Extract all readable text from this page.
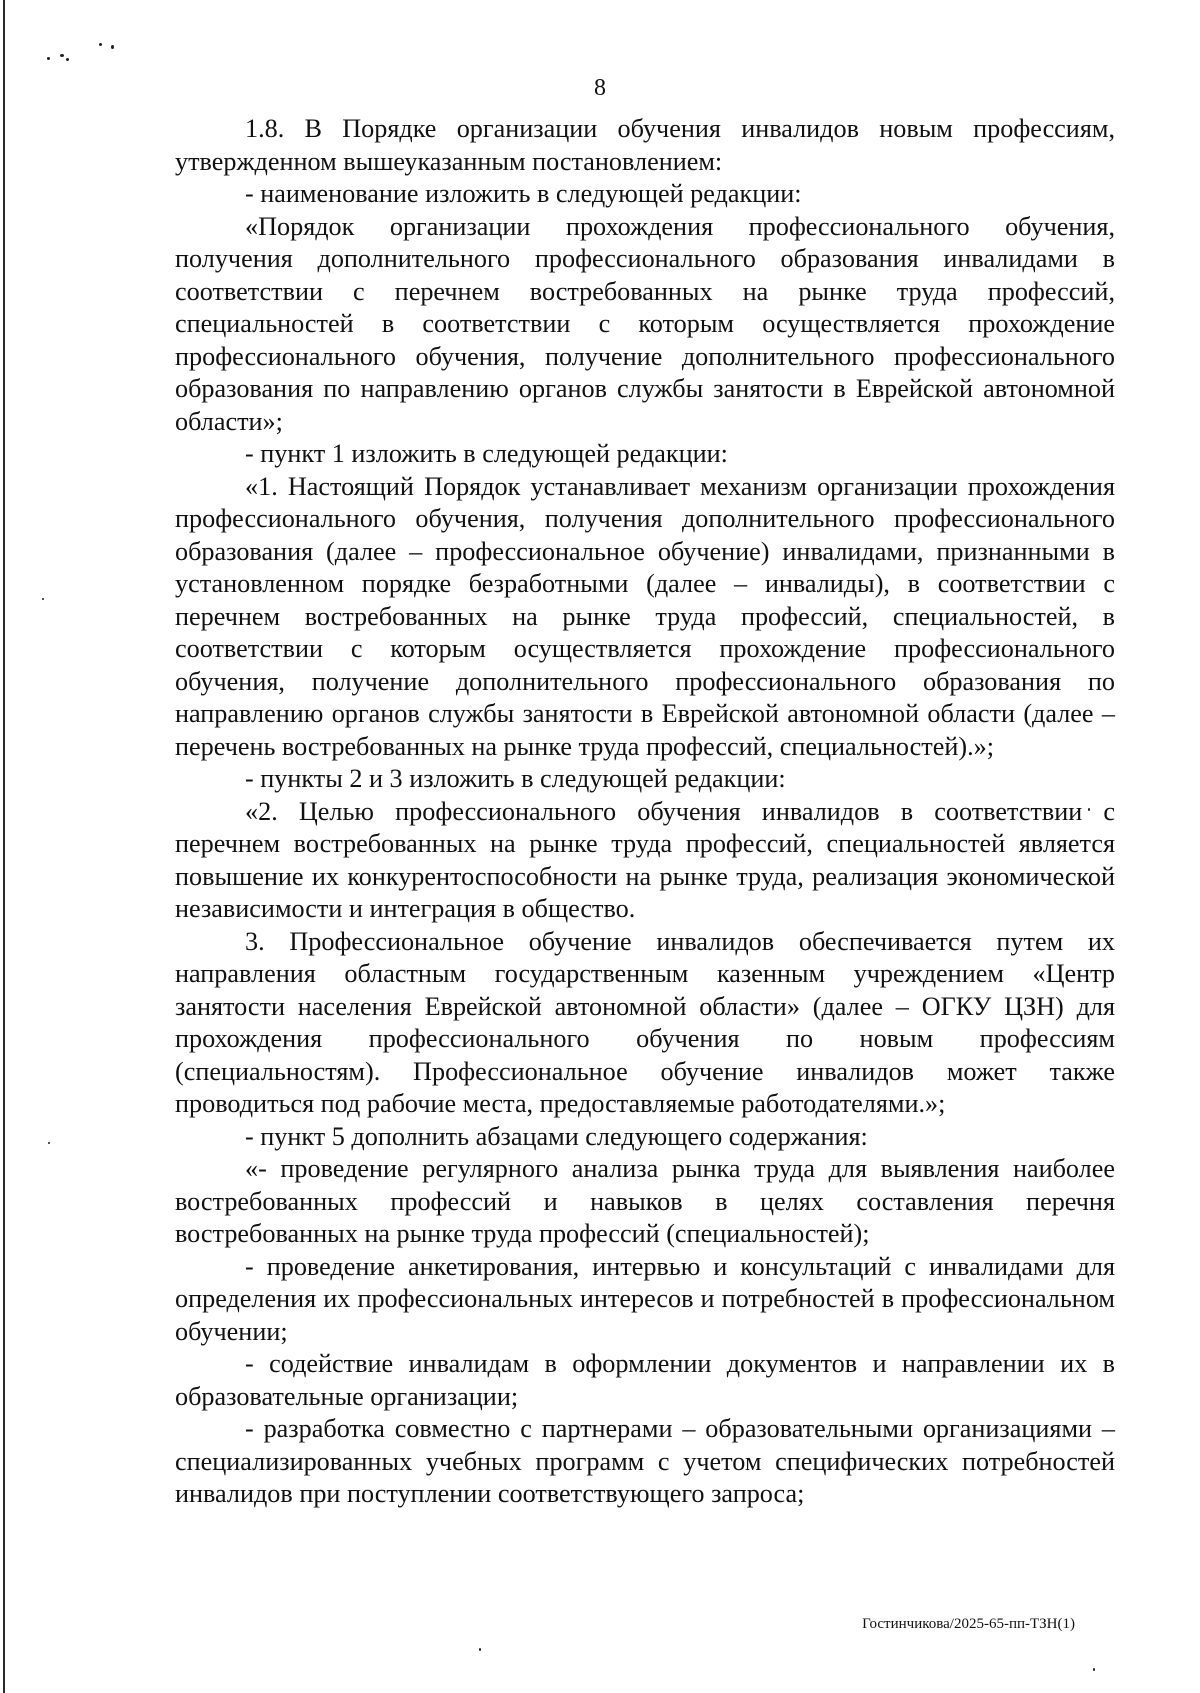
8

1.8. В Порядке организации обучения инвалидов новым профессиям, утвержденном вышеуказанным постановлением:

- наименование изложить в следующей редакции:

«Порядок организации прохождения профессионального обучения, получения дополнительного профессионального образования инвалидами в соответствии с перечнем востребованных на рынке труда профессий, специальностей в соответствии с которым осуществляется прохождение профессионального обучения, получение дополнительного профессионального образования по направлению органов службы занятости в Еврейской автономной области»;

- пункт 1 изложить в следующей редакции:

«1. Настоящий Порядок устанавливает механизм организации прохождения профессионального обучения, получения дополнительного профессионального образования (далее – профессиональное обучение) инвалидами, признанными в установленном порядке безработными (далее – инвалиды), в соответствии с перечнем востребованных на рынке труда профессий, специальностей, в соответствии с которым осуществляется прохождение профессионального обучения, получение дополнительного профессионального образования по направлению органов службы занятости в Еврейской автономной области (далее – перечень востребованных на рынке труда профессий, специальностей).»;

- пункты 2 и 3 изложить в следующей редакции:

«2. Целью профессионального обучения инвалидов в соответствии с перечнем востребованных на рынке труда профессий, специальностей является повышение их конкурентоспособности на рынке труда, реализация экономической независимости и интеграция в общество.

3. Профессиональное обучение инвалидов обеспечивается путем их направления областным государственным казенным учреждением «Центр занятости населения Еврейской автономной области» (далее – ОГКУ ЦЗН) для прохождения профессионального обучения по новым профессиям (специальностям). Профессиональное обучение инвалидов может также проводиться под рабочие места, предоставляемые работодателями.»;

- пункт 5 дополнить абзацами следующего содержания:

«- проведение регулярного анализа рынка труда для выявления наиболее востребованных профессий и навыков в целях составления перечня востребованных на рынке труда профессий (специальностей);

- проведение анкетирования, интервью и консультаций с инвалидами для определения их профессиональных интересов и потребностей в профессиональном обучении;

- содействие инвалидам в оформлении документов и направлении их в образовательные организации;

- разработка совместно с партнерами – образовательными организациями – специализированных учебных программ с учетом специфических потребностей инвалидов при поступлении соответствующего запроса;

Гостинчикова/2025-65-пп-ТЗН(1)
